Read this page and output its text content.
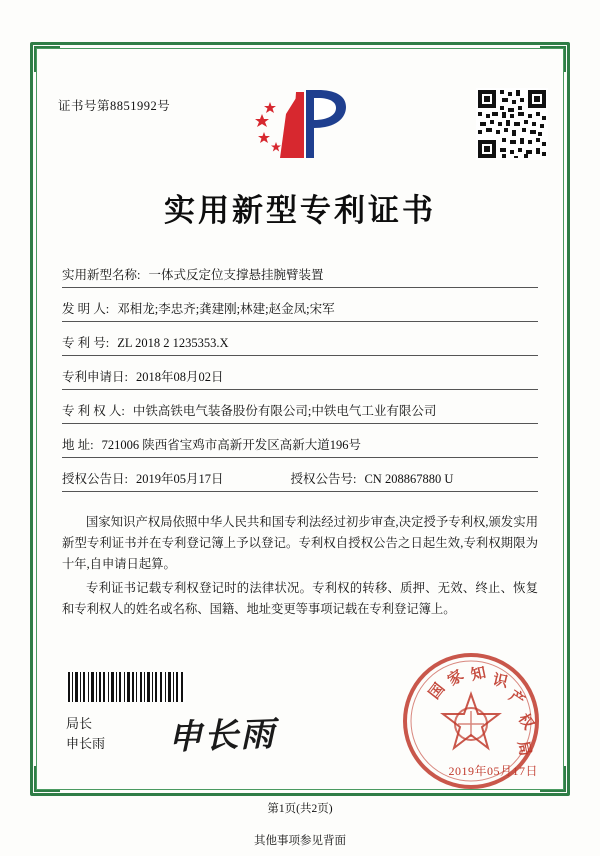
证书号第8851992号
实用新型专利证书
实用新型名称: 一体式反定位支撑悬挂腕臂装置
发 明 人: 邓相龙;李忠齐;龚建刚;林建;赵金凤;宋军
专 利 号: ZL 2018 2 1235353.X
专利申请日: 2018年08月02日
专 利 权 人: 中铁高铁电气装备股份有限公司;中铁电气工业有限公司
地 址: 721006 陕西省宝鸡市高新开发区高新大道196号
授权公告日: 2019年05月17日	授权公告号: CN 208867880 U

国家知识产权局依照中华人民共和国专利法经过初步审查,决定授予专利权,颁发实用新型专利证书并在专利登记簿上予以登记。专利权自授权公告之日起生效,专利权期限为十年,自申请日起算。

专利证书记载专利权登记时的法律状况。专利权的转移、质押、无效、终止、恢复和专利权人的姓名或名称、国籍、地址变更等事项记载在专利登记簿上。

局长
申长雨 申长雨
国
家 知 识
产
权
局
2019年05月17日
第1页(共2页)
其他事项参见背面
